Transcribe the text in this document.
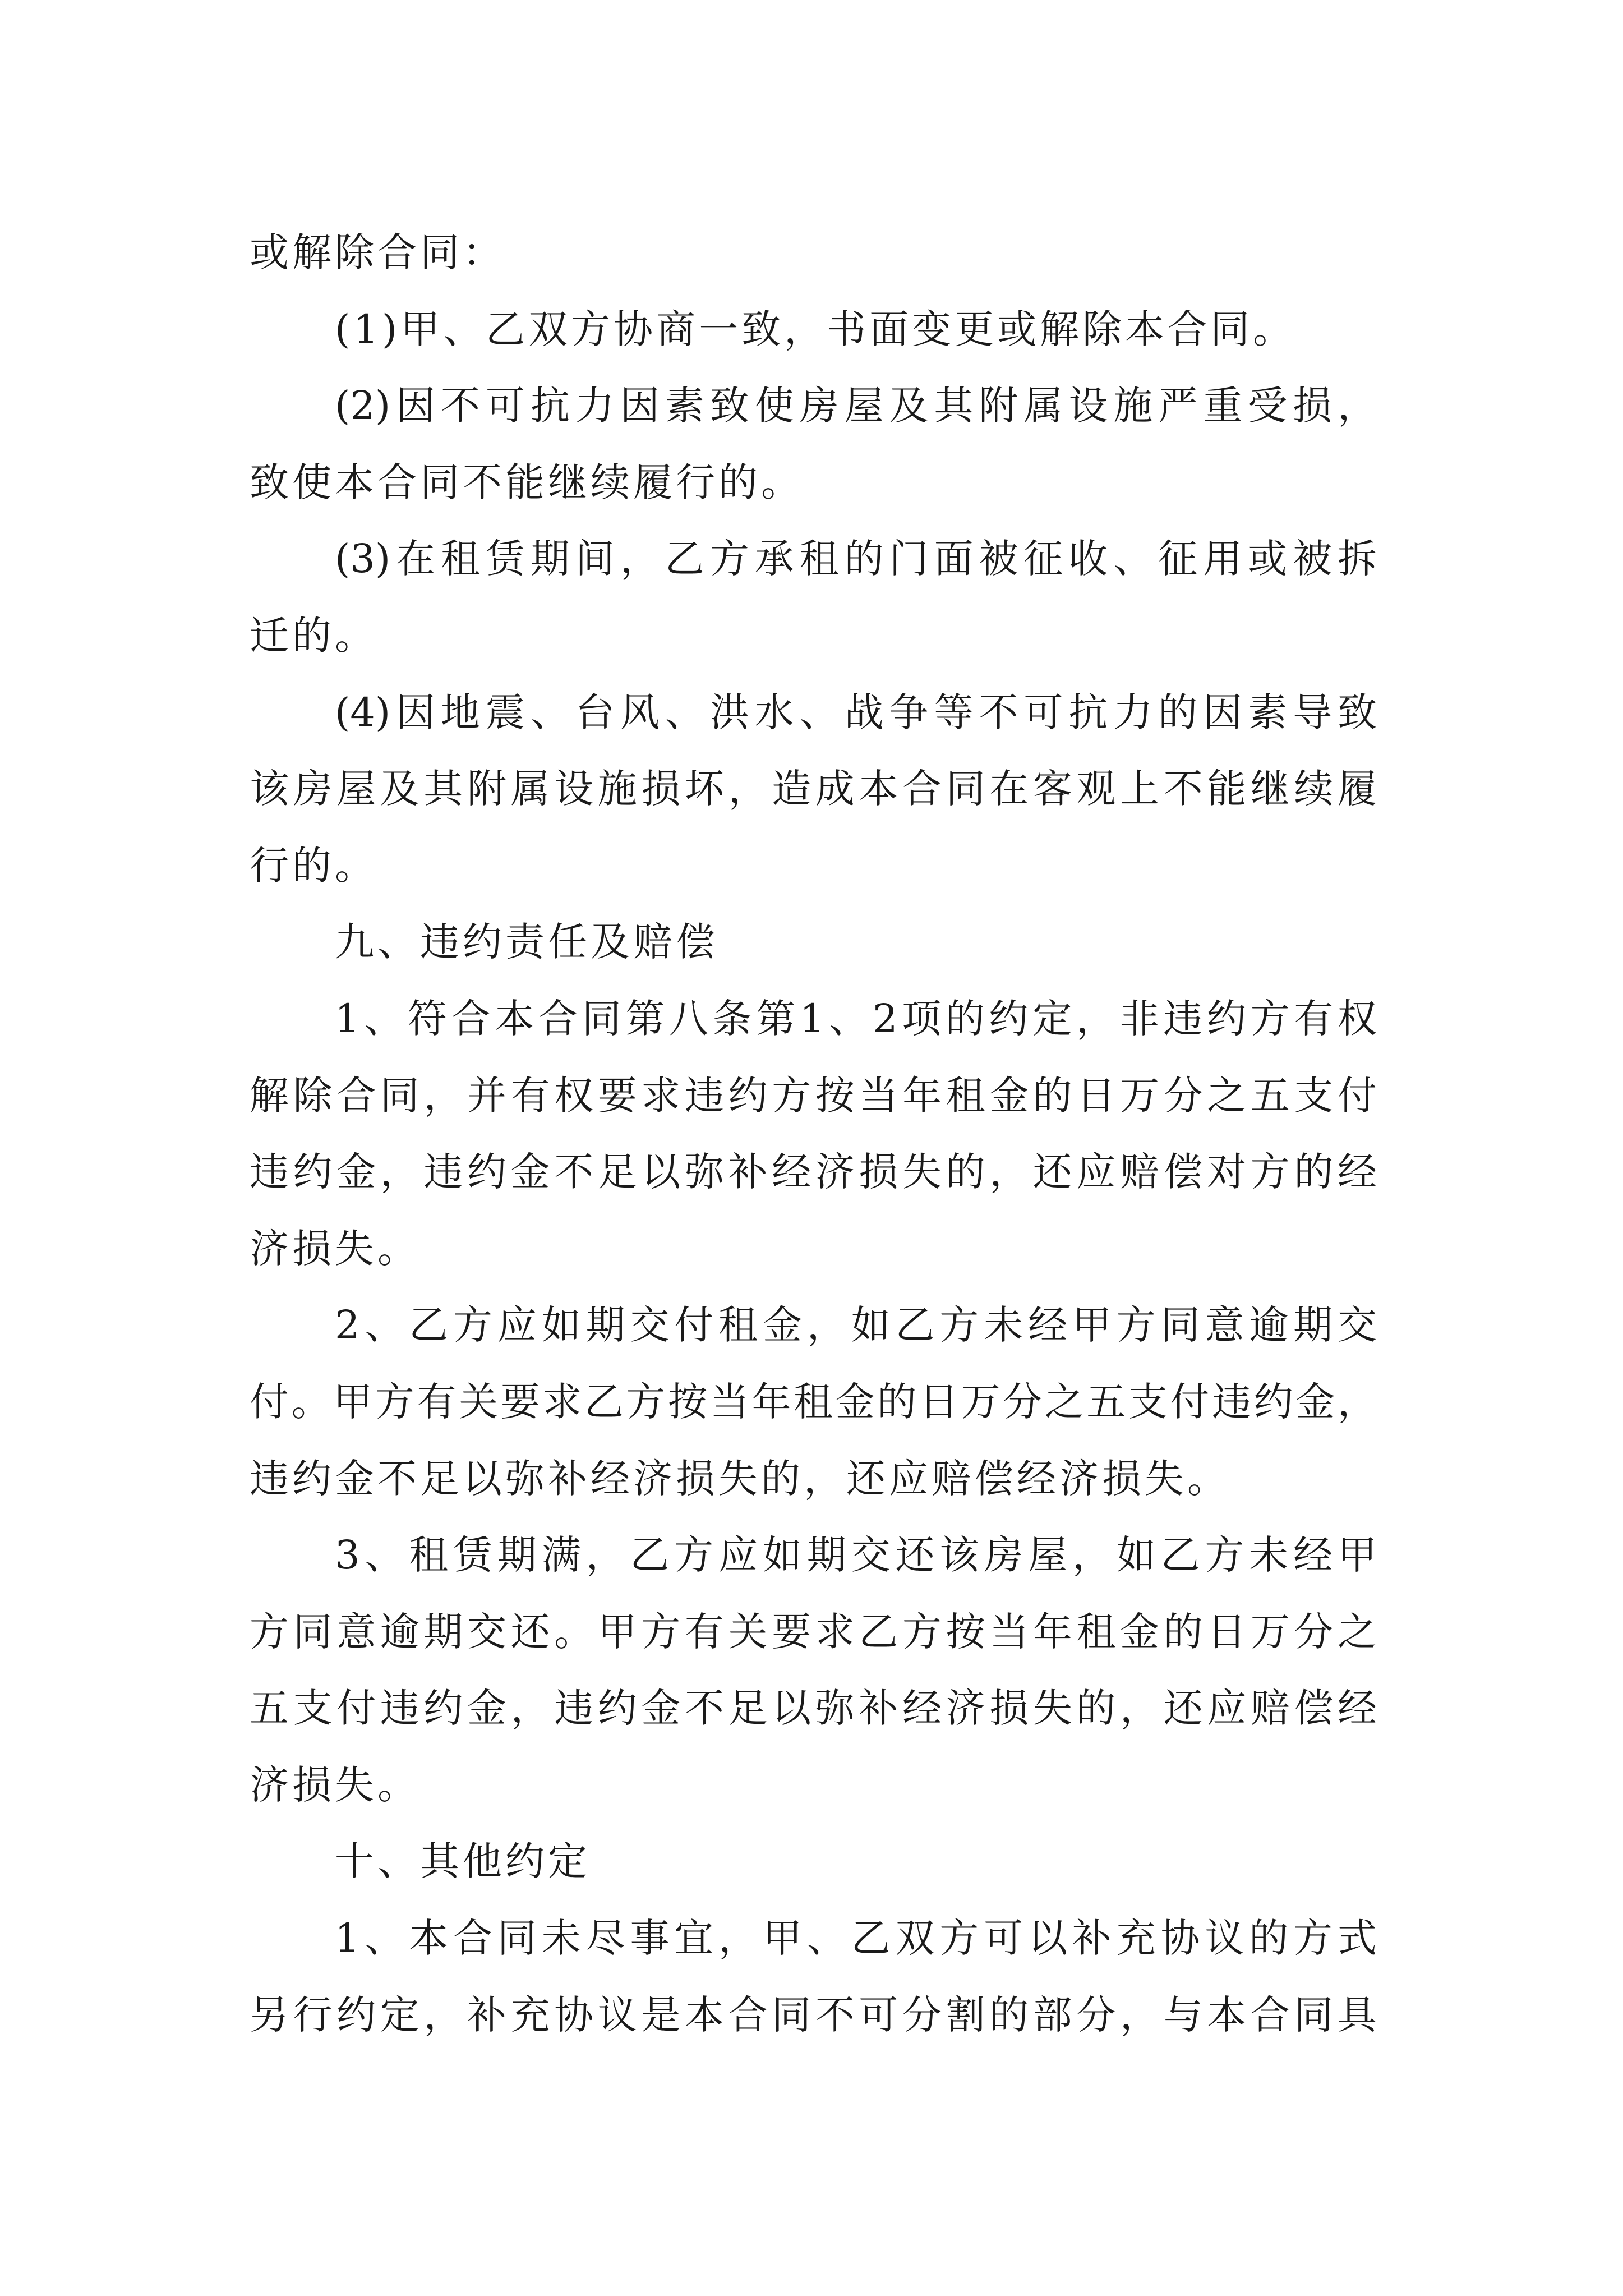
或解除合同：
(1)甲、乙双方协商一致，书面变更或解除本合同。
(2)因不可抗力因素致使房屋及其附属设施严重受损，
致使本合同不能继续履行的。
(3)在租赁期间，乙方承租的门面被征收、征用或被拆
迁的。
(4)因地震、台风、洪水、战争等不可抗力的因素导致
该房屋及其附属设施损坏，造成本合同在客观上不能继续履
行的。
九、违约责任及赔偿
1、符合本合同第八条第1、2项的约定，非违约方有权
解除合同，并有权要求违约方按当年租金的日万分之五支付
违约金，违约金不足以弥补经济损失的，还应赔偿对方的经
济损失。
2、乙方应如期交付租金，如乙方未经甲方同意逾期交
付。甲方有关要求乙方按当年租金的日万分之五支付违约金，
违约金不足以弥补经济损失的，还应赔偿经济损失。
3、租赁期满，乙方应如期交还该房屋，如乙方未经甲
方同意逾期交还。甲方有关要求乙方按当年租金的日万分之
五支付违约金，违约金不足以弥补经济损失的，还应赔偿经
济损失。
十、其他约定
1、本合同未尽事宜，甲、乙双方可以补充协议的方式
另行约定，补充协议是本合同不可分割的部分，与本合同具
